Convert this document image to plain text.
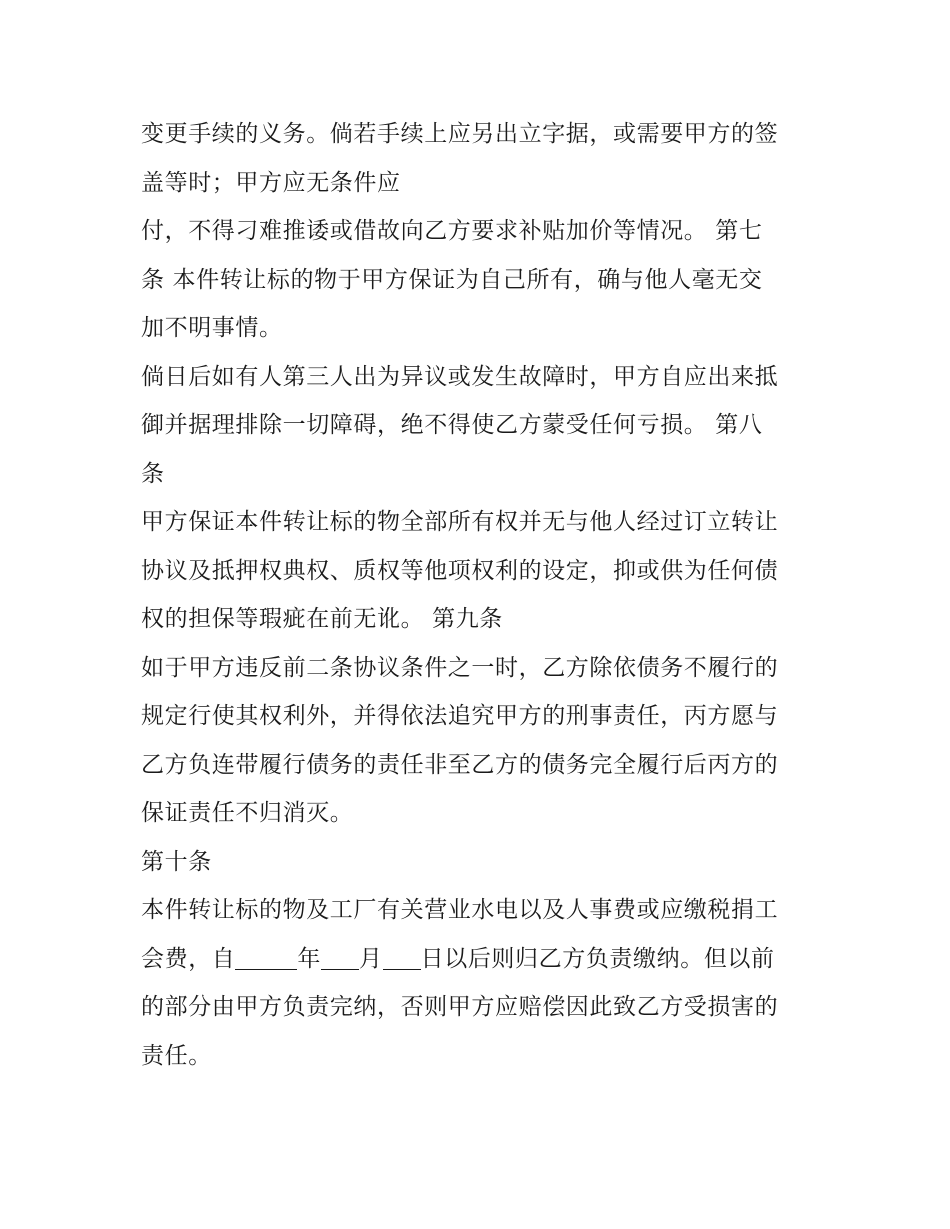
变更手续的义务。倘若手续上应另出立字据，或需要甲方的签
盖等时；甲方应无条件应
付，不得刁难推诿或借故向乙方要求补贴加价等情况。 第七
条 本件转让标的物于甲方保证为自己所有，确与他人毫无交
加不明事情。
倘日后如有人第三人出为异议或发生故障时，甲方自应出来抵
御并据理排除一切障碍，绝不得使乙方蒙受任何亏损。 第八
条
甲方保证本件转让标的物全部所有权并无与他人经过订立转让
协议及抵押权典权、质权等他项权利的设定，抑或供为任何债
权的担保等瑕疵在前无讹。 第九条
如于甲方违反前二条协议条件之一时，乙方除依债务不履行的
规定行使其权利外，并得依法追究甲方的刑事责任，丙方愿与
乙方负连带履行债务的责任非至乙方的债务完全履行后丙方的
保证责任不归消灭。
第十条
本件转让标的物及工厂有关营业水电以及人事费或应缴税捐工
会费，自	年 月 日以后则归乙方负责缴纳。但以前
的部分由甲方负责完纳，否则甲方应赔偿因此致乙方受损害的
责任。
